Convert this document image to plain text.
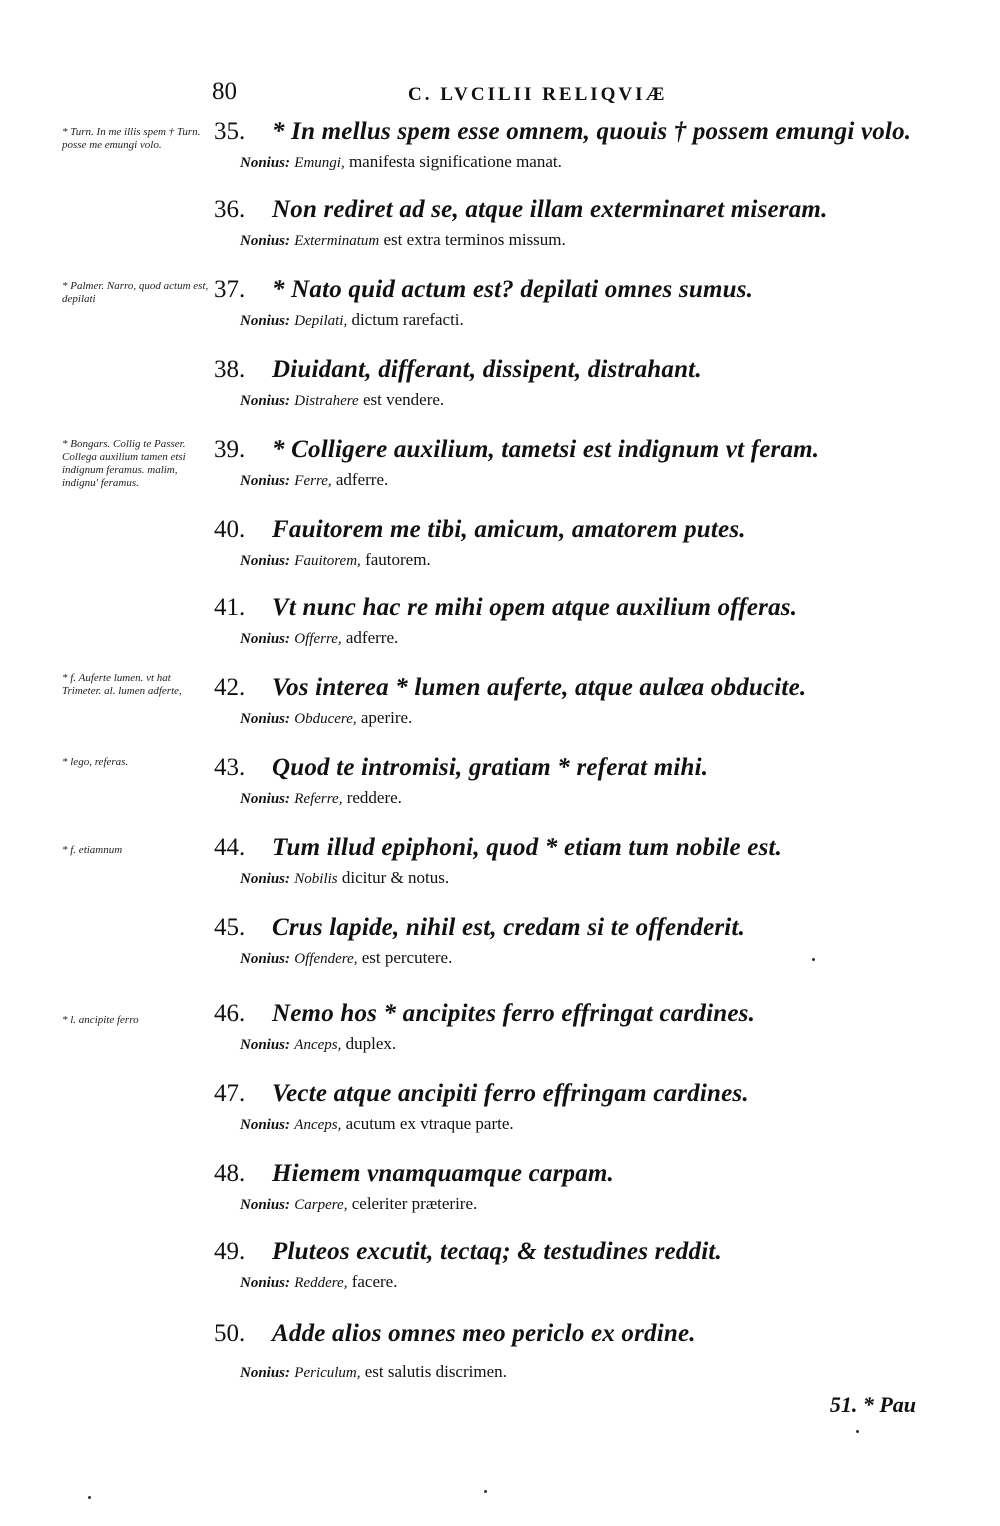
80	C. LVCILII RELIQVIÆ
35.	* In mellus spem esse omnem, quouis † possem emungi volo.
Nonius: Emungi, manifesta significatione manat.
36.	Non rediret ad se, atque illam exterminaret miseram.
Nonius: Exterminatum est extra terminos missum.
37.	* Nato quid actum est? depilati omnes sumus.
Nonius: Depilati, dictum rarefacti.
38.	Diuidant, differant, dissipent, distrahant.
Nonius: Distrahere est vendere.
39.	* Colligere auxilium, tametsi est indignum vt feram.
Nonius: Ferre, adferre.
40.	Fauitorem me tibi, amicum, amatorem putes.
Nonius: Fauitorem, fautorem.
41.	Vt nunc hac re mihi opem atque auxilium offeras.
Nonius: Offerre, adferre.
42.	Vos interea * lumen auferte, atque aulæa obducite.
Nonius: Obducere, aperire.
43.	Quod te intromisi, gratiam * referat mihi.
Nonius: Referre, reddere.
44.	Tum illud epiphoni, quod * etiam tum nobile est.
Nonius: Nobilis dicitur & notus.
45.	Crus lapide, nihil est, credam si te offenderit.
Nonius: Offendere, est percutere.
46.	Nemo hos * ancipites ferro effringat cardines.
Nonius: Anceps, duplex.
47.	Vecte atque ancipiti ferro effringam cardines.
Nonius: Anceps, acutum ex vtraque parte.
48.	Hiemem vnamquamque carpam.
Nonius: Carpere, celeriter præterire.
49.	Pluteos excutit, tectaq; & testudines reddit.
Nonius: Reddere, facere.
50.	Adde alios omnes meo periclo ex ordine.
Nonius: Periculum, est salutis discrimen.
* Turn. In me illis spem † Turn. posse me emungi volo.
* Palmer. Narro, quod actum est, depilati
* Bongars. Collig te Passer. Collega auxilium tamen etsi indignum feramus. malim, indignu' feramus.
* f. Auferte lumen. vt hat Trimeter. al. lumen adferte,
* lego, referas.
* f. etiamnum
* l. ancipite ferro
51. * Pau
